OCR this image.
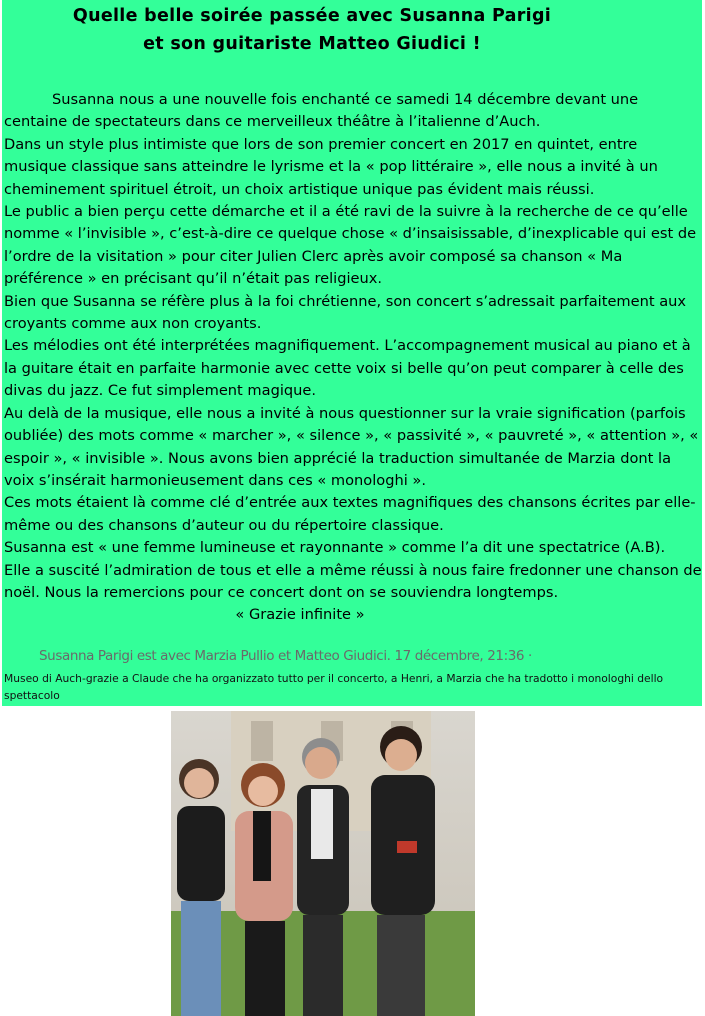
Quelle belle soirée passée avec Susanna Parigi
et son guitariste Matteo Giudici !

Susanna nous a une nouvelle fois enchanté ce samedi 14 décembre devant une centaine de spectateurs dans ce merveilleux théâtre à l’italienne d’Auch.

Dans un style plus intimiste que lors de son premier concert en 2017 en quintet, entre musique classique sans atteindre le lyrisme et la « pop littéraire », elle nous a invité à un cheminement spirituel étroit, un choix artistique unique pas évident mais réussi.

Le public a bien perçu cette démarche et il a été ravi de la suivre à la recherche de ce qu’elle nomme « l’invisible », c’est-à-dire ce quelque chose « d’insaisissable, d’inexplicable qui est de l’ordre de la visitation » pour citer Julien Clerc après avoir composé sa chanson « Ma préférence » en précisant qu’il n’était pas religieux.

Bien que Susanna se réfère plus à la foi chrétienne, son concert s’adressait parfaitement aux croyants comme aux non croyants.

Les mélodies ont été interprétées magnifiquement. L’accompagnement musical au piano et à la guitare était en parfaite harmonie avec cette voix si belle qu’on peut comparer à celle des divas du jazz. Ce fut simplement magique.

Au delà de la musique, elle nous a invité à nous questionner sur la vraie signification (parfois oubliée) des mots comme « marcher », « silence », « passivité », « pauvreté », « attention », « espoir », « invisible ». Nous avons bien apprécié la traduction simultanée de Marzia dont la voix s’insérait harmonieusement dans ces « monologhi ».

Ces mots étaient là comme clé d’entrée aux textes magnifiques des chansons écrites par elle-même ou des chansons d’auteur ou du répertoire classique.

Susanna est « une femme lumineuse et rayonnante » comme l’a dit une spectatrice (A.B).

Elle a suscité l’admiration de tous et elle a même réussi à nous faire fredonner une chanson de noël. Nous la remercions pour ce concert dont on se souviendra longtemps.

« Grazie infinite »
Susanna Parigi est avec Marzia Pullio et Matteo Giudici. 17 décembre, 21:36 ·
Museo di Auch-grazie a Claude che ha organizzato tutto per il concerto, a Henri, a Marzia che ha tradotto i monologhi dello spettacolo
